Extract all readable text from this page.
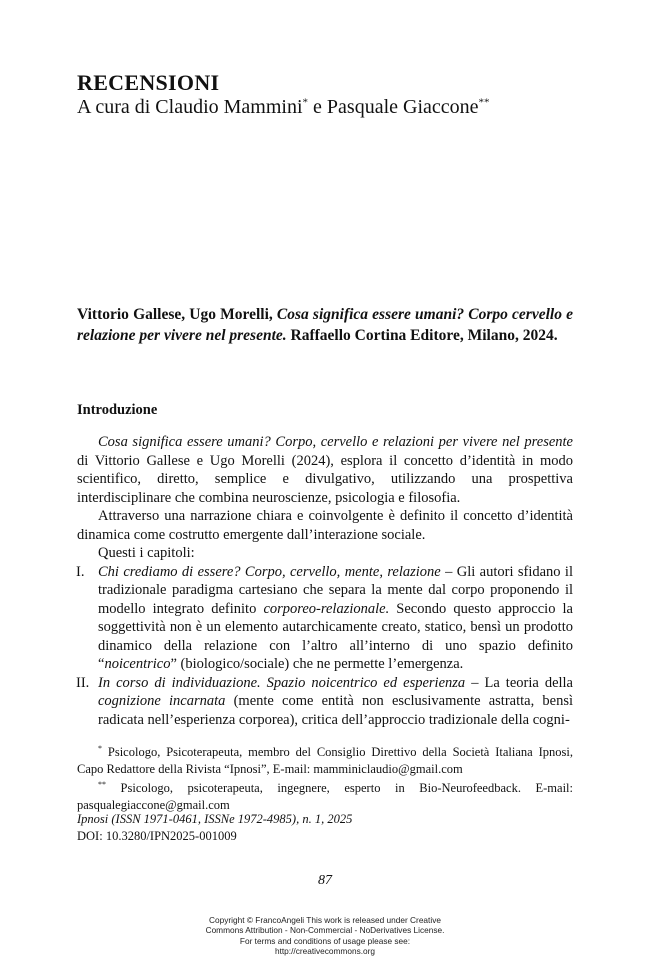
RECENSIONI
A cura di Claudio Mammini* e Pasquale Giaccone**
Vittorio Gallese, Ugo Morelli, Cosa significa essere umani? Corpo cervello e relazione per vivere nel presente. Raffaello Cortina Editore, Milano, 2024.
Introduzione

Cosa significa essere umani? Corpo, cervello e relazioni per vivere nel presente di Vittorio Gallese e Ugo Morelli (2024), esplora il concetto d’identità in modo scientifico, diretto, semplice e divulgativo, utilizzando una prospettiva interdisciplinare che combina neuroscienze, psicologia e filosofia.

Attraverso una narrazione chiara e coinvolgente è definito il concetto d’identità dinamica come costrutto emergente dall’interazione sociale.

Questi i capitoli:

I. Chi crediamo di essere? Corpo, cervello, mente, relazione – Gli autori sfidano il tradizionale paradigma cartesiano che separa la mente dal corpo proponendo il modello integrato definito corporeo-relazionale. Secondo questo approccio la soggettività non è un elemento autarchicamente creato, statico, bensì un prodotto dinamico della relazione con l’altro all’interno di uno spazio definito “noicentrico” (biologico/sociale) che ne permette l’emergenza.
II. In corso di individuazione. Spazio noicentrico ed esperienza – La teoria della cognizione incarnata (mente come entità non esclusivamente astratta, bensì radicata nell’esperienza corporea), critica dell’approccio tradizionale della cogni-

* Psicologo, Psicoterapeuta, membro del Consiglio Direttivo della Società Italiana Ipnosi, Capo Redattore della Rivista “Ipnosi”, E-mail: mamminiclaudio@gmail.com

** Psicologo, psicoterapeuta, ingegnere, esperto in Bio-Neurofeedback. E-mail: pasqualegiaccone@gmail.com

Ipnosi (ISSN 1971-0461, ISSNe 1972-4985), n. 1, 2025
DOI: 10.3280/IPN2025-001009
87
Copyright © FrancoAngeli This work is released under Creative
Commons Attribution - Non-Commercial - NoDerivatives License.
For terms and conditions of usage please see:
http://creativecommons.org
